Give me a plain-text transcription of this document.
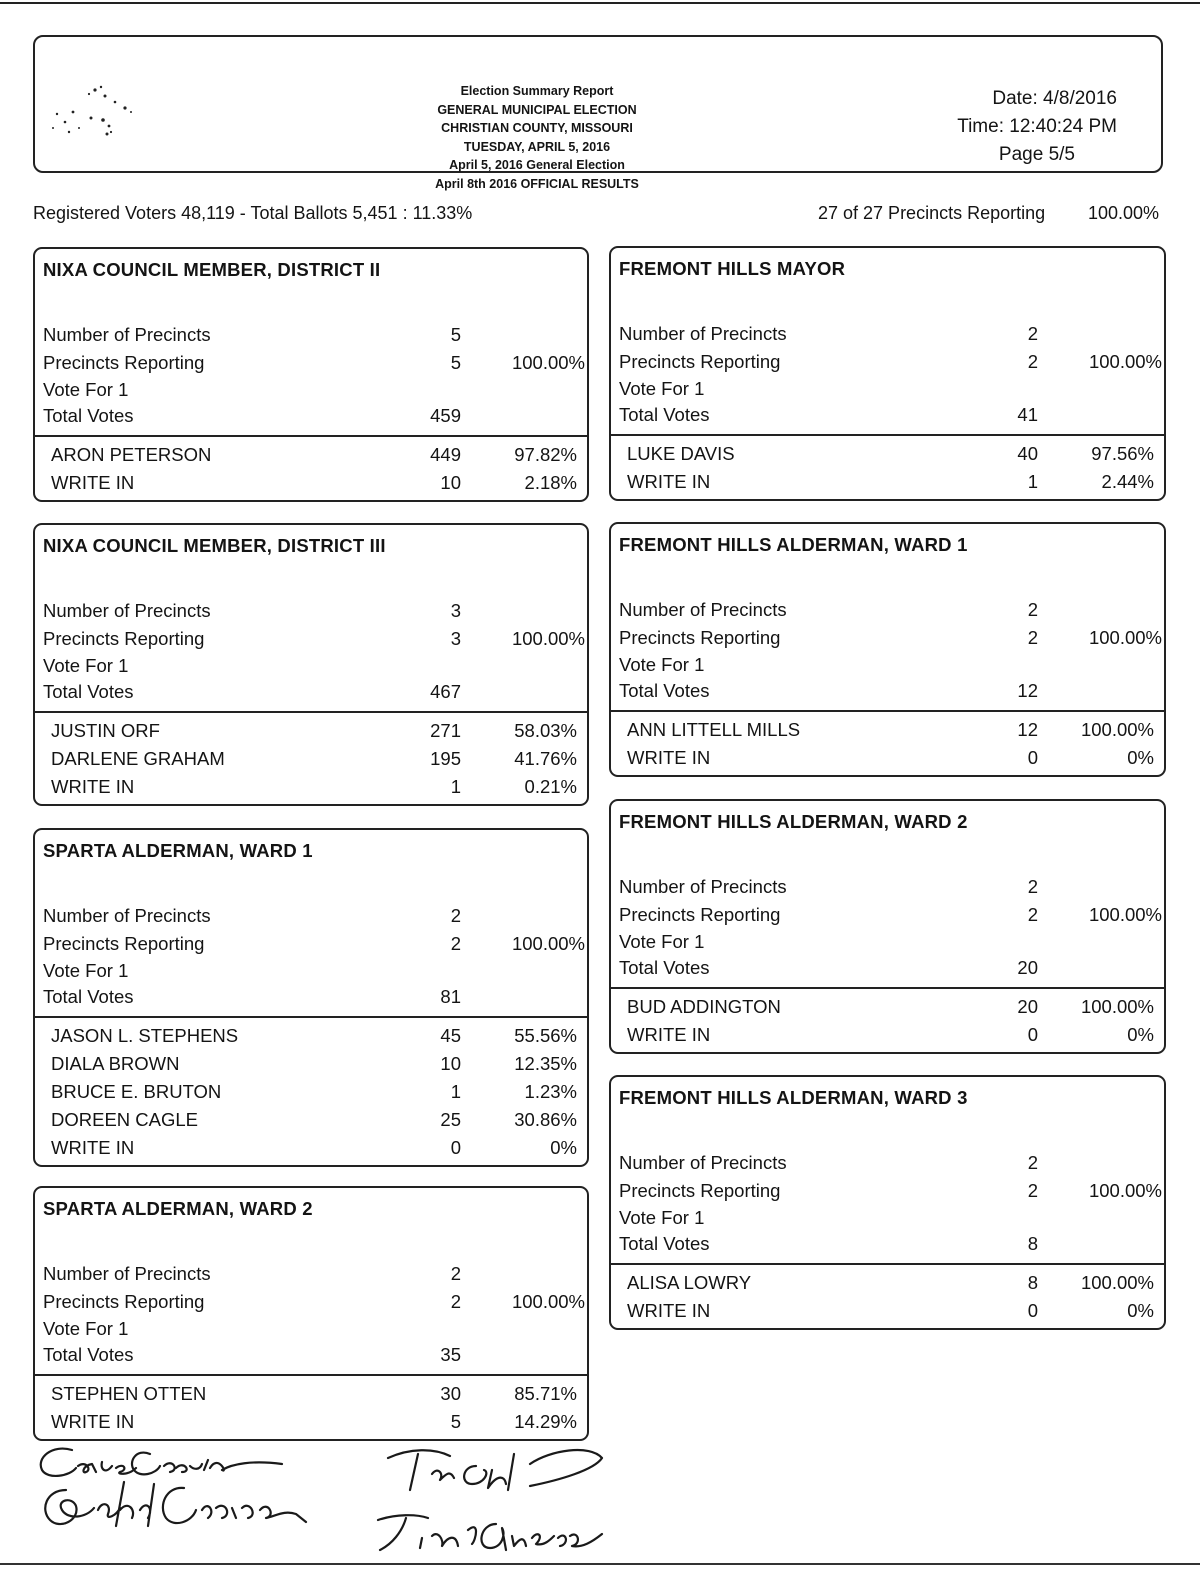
Election Summary Report
GENERAL MUNICIPAL ELECTION
CHRISTIAN COUNTY, MISSOURI
TUESDAY, APRIL 5, 2016
April 5, 2016 General Election
April 8th 2016 OFFICIAL RESULTS
Date: 4/8/2016
Time: 12:40:24 PM
Page 5/5
Registered Voters 48,119 - Total Ballots 5,451 : 11.33%	27 of 27 Precincts Reporting 100.00%
NIXA COUNCIL MEMBER, DISTRICT II
Number of Precincts	5
Precincts Reporting	5	100.00%
Vote For 1
Total Votes	459
ARON PETERSON	449	97.82%
WRITE IN	10	2.18%
NIXA COUNCIL MEMBER, DISTRICT III
Number of Precincts	3
Precincts Reporting	3	100.00%
Vote For 1
Total Votes	467
JUSTIN ORF	271	58.03%
DARLENE GRAHAM	195	41.76%
WRITE IN	1	0.21%
SPARTA ALDERMAN, WARD 1
Number of Precincts	2
Precincts Reporting	2	100.00%
Vote For 1
Total Votes	81
JASON L. STEPHENS	45	55.56%
DIALA BROWN	10	12.35%
BRUCE E. BRUTON	1	1.23%
DOREEN CAGLE	25	30.86%
WRITE IN	0	0%
SPARTA ALDERMAN, WARD 2
Number of Precincts	2
Precincts Reporting	2	100.00%
Vote For 1
Total Votes	35
STEPHEN OTTEN	30	85.71%
WRITE IN	5	14.29%
FREMONT HILLS MAYOR
Number of Precincts	2
Precincts Reporting	2	100.00%
Vote For 1
Total Votes	41
LUKE DAVIS	40	97.56%
WRITE IN	1	2.44%
FREMONT HILLS ALDERMAN, WARD 1
Number of Precincts	2
Precincts Reporting	2	100.00%
Vote For 1
Total Votes	12
ANN LITTELL MILLS	12	100.00%
WRITE IN	0	0%
FREMONT HILLS ALDERMAN, WARD 2
Number of Precincts	2
Precincts Reporting	2	100.00%
Vote For 1
Total Votes	20
BUD ADDINGTON	20	100.00%
WRITE IN	0	0%
FREMONT HILLS ALDERMAN, WARD 3
Number of Precincts	2
Precincts Reporting	2	100.00%
Vote For 1
Total Votes	8
ALISA LOWRY	8	100.00%
WRITE IN	0	0%
